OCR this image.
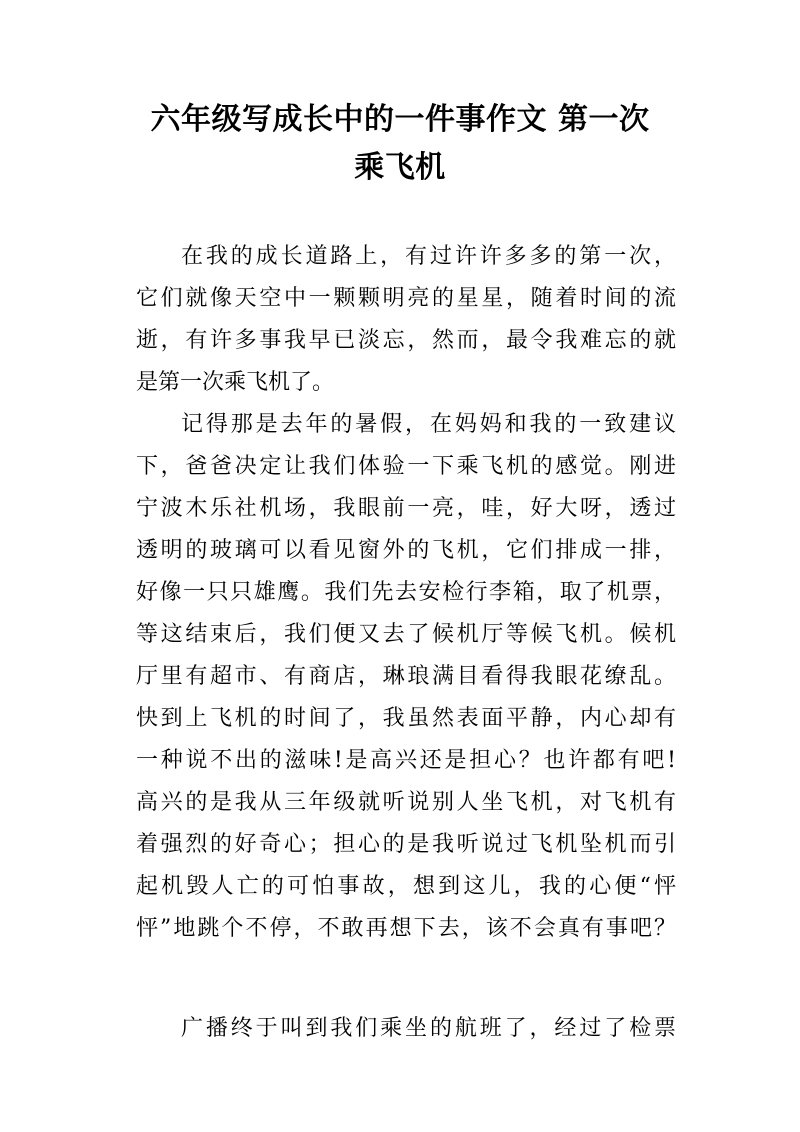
六年级写成长中的一件事作文 第一次
乘飞机
在我的成长道路上，有过许许多多的第一次，
它们就像天空中一颗颗明亮的星星，随着时间的流
逝，有许多事我早已淡忘，然而，最令我难忘的就
是第一次乘飞机了。
记得那是去年的暑假，在妈妈和我的一致建议
下，爸爸决定让我们体验一下乘飞机的感觉。刚进
宁波木乐社机场，我眼前一亮，哇，好大呀，透过
透明的玻璃可以看见窗外的飞机，它们排成一排，
好像一只只雄鹰。我们先去安检行李箱，取了机票，
等这结束后，我们便又去了候机厅等候飞机。候机
厅里有超市、有商店，琳琅满目看得我眼花缭乱。
快到上飞机的时间了，我虽然表面平静，内心却有
一种说不出的滋味!是高兴还是担心？也许都有吧!
高兴的是我从三年级就听说别人坐飞机，对飞机有
着强烈的好奇心；担心的是我听说过飞机坠机而引
起机毁人亡的可怕事故，想到这儿，我的心便“怦
怦”地跳个不停，不敢再想下去，该不会真有事吧？
广播终于叫到我们乘坐的航班了，经过了检票
